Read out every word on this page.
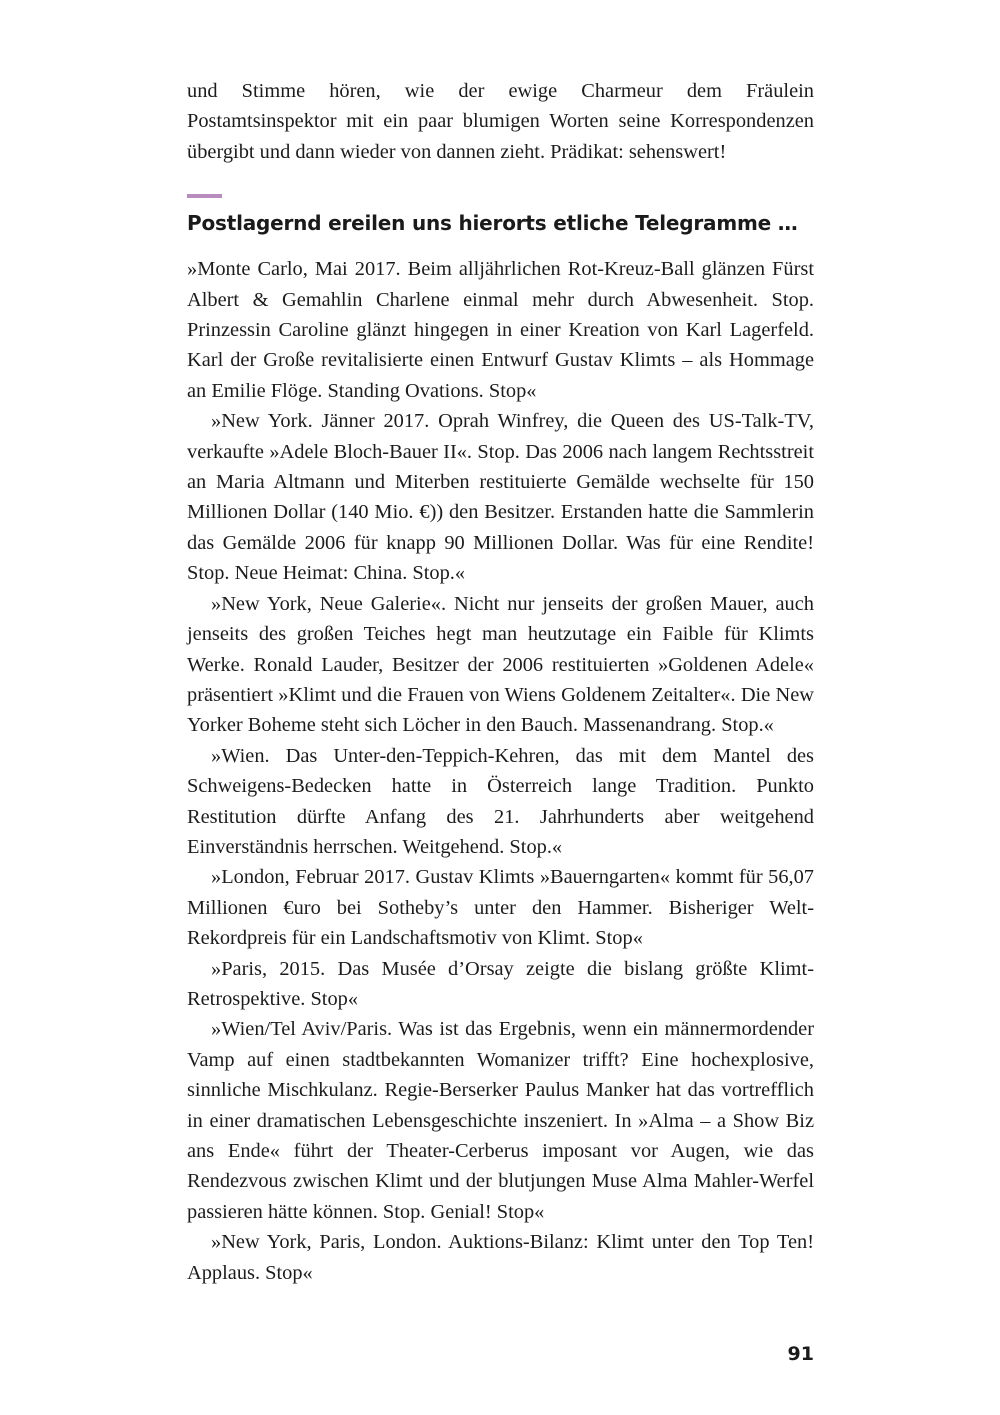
und Stimme hören, wie der ewige Charmeur dem Fräulein Postamtsinspektor mit ein paar blumigen Worten seine Korrespondenzen übergibt und dann wieder von dannen zieht. Prädikat: sehenswert!

Postlagernd ereilen uns hierorts etliche Telegramme …

»Monte Carlo, Mai 2017. Beim alljährlichen Rot-Kreuz-Ball glänzen Fürst Albert & Gemahlin Charlene einmal mehr durch Abwesenheit. Stop. Prinzessin Caroline glänzt hingegen in einer Kreation von Karl Lagerfeld. Karl der Große revitalisierte einen Entwurf Gustav Klimts – als Hommage an Emilie Flöge. Standing Ovations. Stop«

»New York. Jänner 2017. Oprah Winfrey, die Queen des US-Talk-TV, verkaufte »Adele Bloch-Bauer II«. Stop. Das 2006 nach langem Rechtsstreit an Maria Altmann und Miterben restituierte Gemälde wechselte für 150 Millionen Dollar (140 Mio. €)) den Besitzer. Erstanden hatte die Sammlerin das Gemälde 2006 für knapp 90 Millionen Dollar. Was für eine Rendite! Stop. Neue Heimat: China. Stop.«

»New York, Neue Galerie«. Nicht nur jenseits der großen Mauer, auch jenseits des großen Teiches hegt man heutzutage ein Faible für Klimts Werke. Ronald Lauder, Besitzer der 2006 restituierten »Goldenen Adele« präsentiert »Klimt und die Frauen von Wiens Goldenem Zeitalter«. Die New Yorker Boheme steht sich Löcher in den Bauch. Massenandrang. Stop.«

»Wien. Das Unter-den-Teppich-Kehren, das mit dem Mantel des Schweigens-Bedecken hatte in Österreich lange Tradition. Punkto Restitution dürfte Anfang des 21. Jahrhunderts aber weitgehend Einverständnis herrschen. Weitgehend. Stop.«

»London, Februar 2017. Gustav Klimts »Bauerngarten« kommt für 56,07 Millionen €uro bei Sotheby’s unter den Hammer. Bisheriger Welt-Rekordpreis für ein Landschaftsmotiv von Klimt. Stop«

»Paris, 2015. Das Musée d’Orsay zeigte die bislang größte Klimt-Retrospektive. Stop«

»Wien/Tel Aviv/Paris. Was ist das Ergebnis, wenn ein männermordender Vamp auf einen stadtbekannten Womanizer trifft? Eine hochexplosive, sinnliche Mischkulanz. Regie-Berserker Paulus Manker hat das vortrefflich in einer dramatischen Lebensgeschichte inszeniert. In »Alma – a Show Biz ans Ende« führt der Theater-Cerberus imposant vor Augen, wie das Rendezvous zwischen Klimt und der blutjungen Muse Alma Mahler-Werfel passieren hätte können. Stop. Genial! Stop«

»New York, Paris, London. Auktions-Bilanz: Klimt unter den Top Ten! Applaus. Stop«

91
